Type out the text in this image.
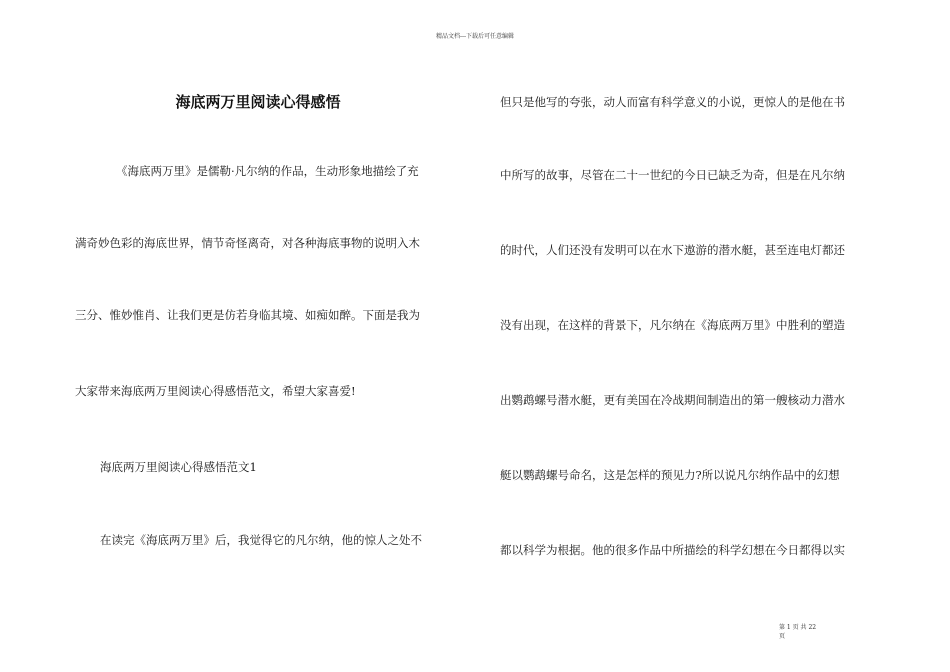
精品文档---下载后可任意编辑
海底两万里阅读心得感悟
《海底两万里》是儒勒·凡尔纳的作品，生动形象地描绘了充
满奇妙色彩的海底世界，情节奇怪离奇，对各种海底事物的说明入木
三分、惟妙惟肖、让我们更是仿若身临其境、如痴如醉。下面是我为
大家带来海底两万里阅读心得感悟范文，希望大家喜爱!
海底两万里阅读心得感悟范文1
在读完《海底两万里》后，我觉得它的凡尔纳，他的惊人之处不
但只是他写的夸张，动人而富有科学意义的小说，更惊人的是他在书
中所写的故事，尽管在二十一世纪的今日已缺乏为奇，但是在凡尔纳
的时代，人们还没有发明可以在水下遨游的潜水艇，甚至连电灯都还
没有出现，在这样的背景下，凡尔纳在《海底两万里》中胜利的塑造
出鹦鹉螺号潜水艇，更有美国在冷战期间制造出的第一艘核动力潜水
艇以鹦鹉螺号命名，这是怎样的预见力?所以说凡尔纳作品中的幻想
都以科学为根据。他的很多作品中所描绘的科学幻想在今日都得以实
第 1 页 共 22
页
